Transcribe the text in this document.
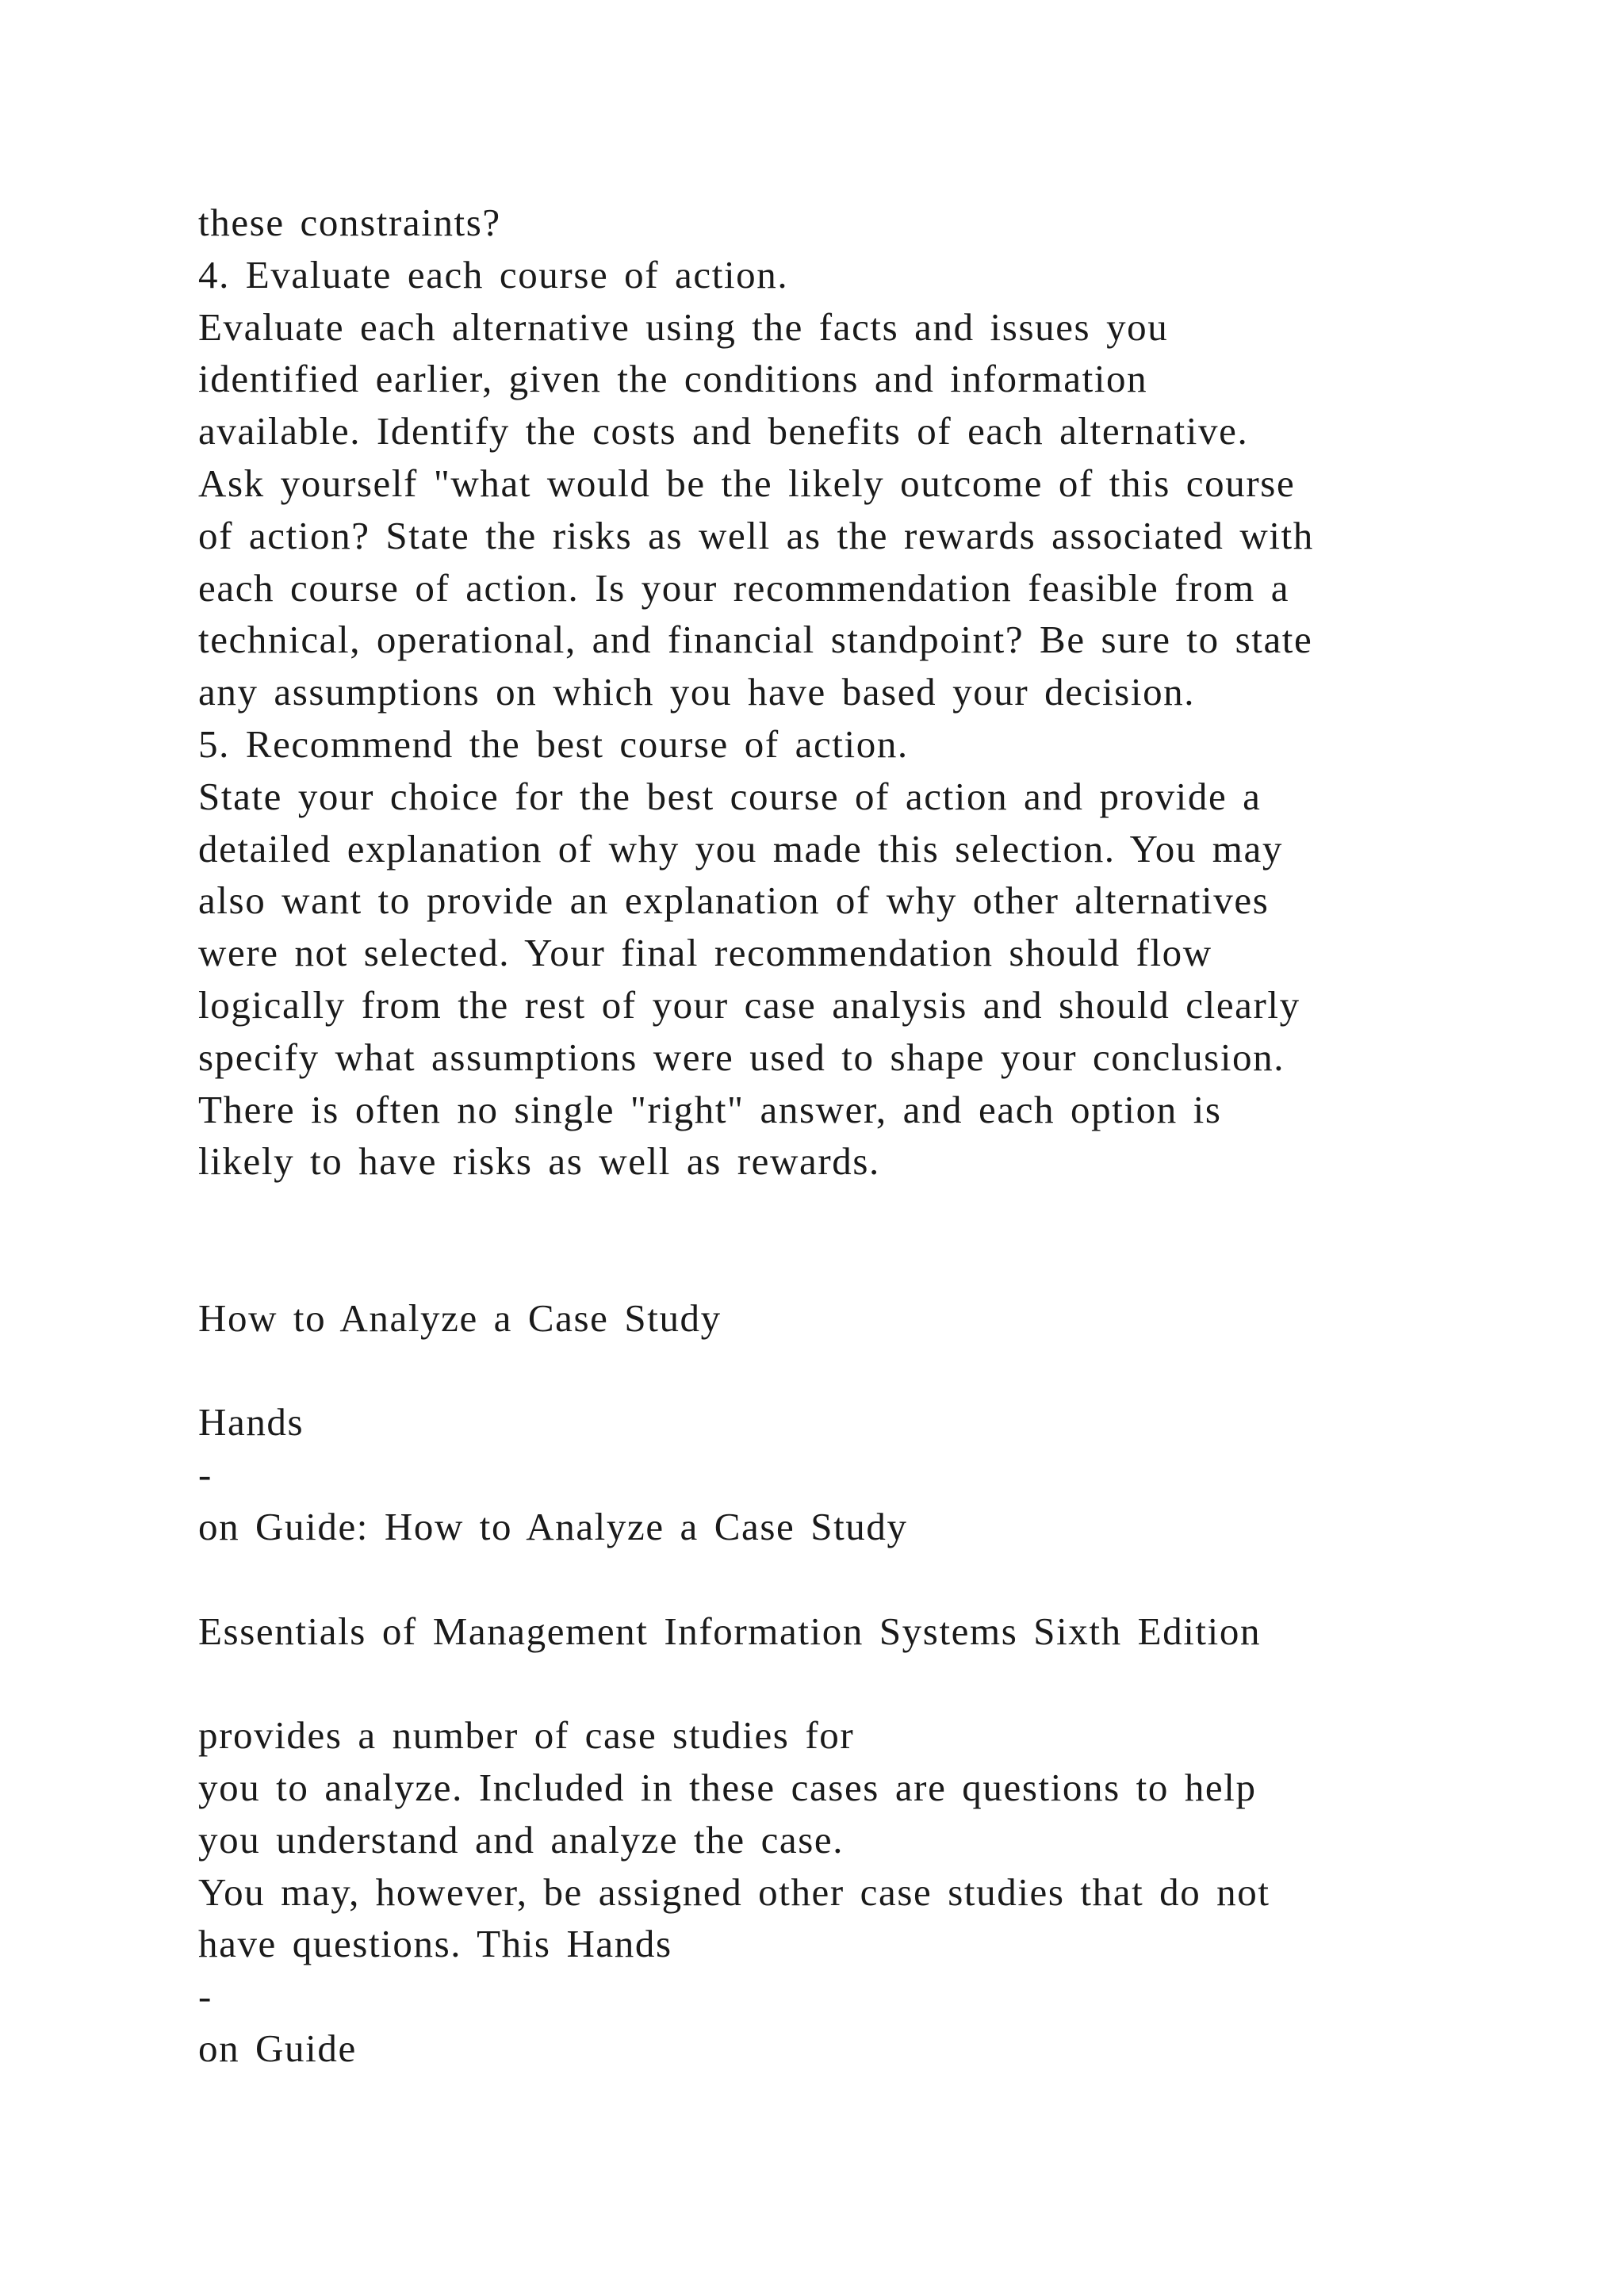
these constraints?
4. Evaluate each course of action.
Evaluate each alternative using the facts and issues you
identified earlier, given the conditions and information
available. Identify the costs and benefits of each alternative.
Ask yourself "what would be the likely outcome of this course
of action? State the risks as well as the rewards associated with
each course of action. Is your recommendation feasible from a
technical, operational, and financial standpoint? Be sure to state
any assumptions on which you have based your decision.
5. Recommend the best course of action.
State your choice for the best course of action and provide a
detailed explanation of why you made this selection. You may
also want to provide an explanation of why other alternatives
were not selected. Your final recommendation should flow
logically from the rest of your case analysis and should clearly
specify what assumptions were used to shape your conclusion.
There is often no single "right" answer, and each option is
likely to have risks as well as rewards.
How to Analyze a Case Study
Hands
-
on Guide: How to Analyze a Case Study
Essentials of Management Information Systems Sixth Edition
provides a number of case studies for
you to analyze. Included in these cases are questions to help
you understand and analyze the case.
You may, however, be assigned other case studies that do not
have questions. This Hands
-
on Guide
